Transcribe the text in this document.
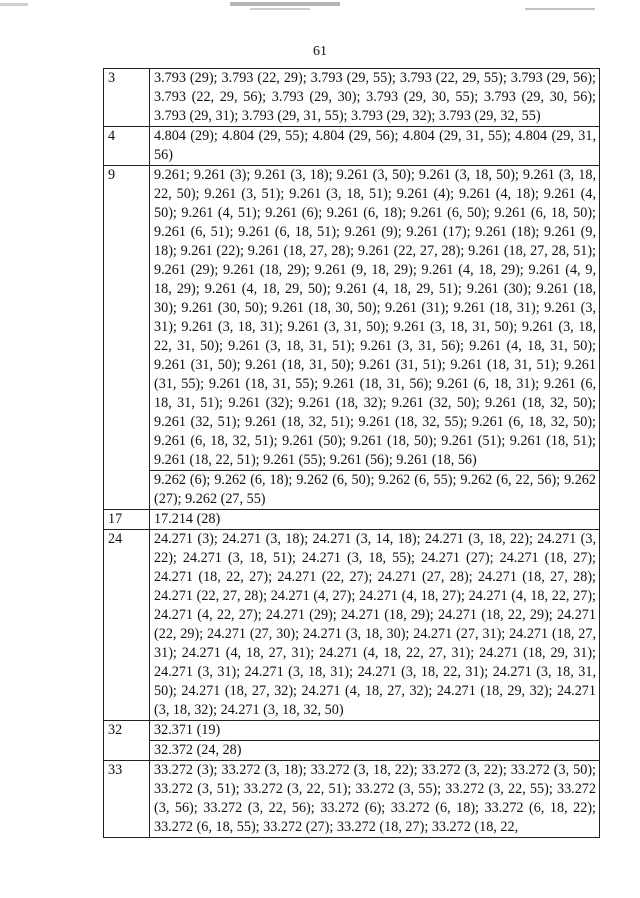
61
3	3.793 (29); 3.793 (22, 29); 3.793 (29, 55); 3.793 (22, 29, 55); 3.793 (29, 56); 3.793 (22, 29, 56); 3.793 (29, 30); 3.793 (29, 30, 55); 3.793 (29, 30, 56); 3.793 (29, 31); 3.793 (29, 31, 55); 3.793 (29, 32); 3.793 (29, 32, 55)
4	4.804 (29); 4.804 (29, 55); 4.804 (29, 56); 4.804 (29, 31, 55); 4.804 (29, 31, 56)
9	9.261; 9.261 (3); 9.261 (3, 18); 9.261 (3, 50); 9.261 (3, 18, 50); 9.261 (3, 18, 22, 50); 9.261 (3, 51); 9.261 (3, 18, 51); 9.261 (4); 9.261 (4, 18); 9.261 (4, 50); 9.261 (4, 51); 9.261 (6); 9.261 (6, 18); 9.261 (6, 50); 9.261 (6, 18, 50); 9.261 (6, 51); 9.261 (6, 18, 51); 9.261 (9); 9.261 (17); 9.261 (18); 9.261 (9, 18); 9.261 (22); 9.261 (18, 27, 28); 9.261 (22, 27, 28); 9.261 (18, 27, 28, 51); 9.261 (29); 9.261 (18, 29); 9.261 (9, 18, 29); 9.261 (4, 18, 29); 9.261 (4, 9, 18, 29); 9.261 (4, 18, 29, 50); 9.261 (4, 18, 29, 51); 9.261 (30); 9.261 (18, 30); 9.261 (30, 50); 9.261 (18, 30, 50); 9.261 (31); 9.261 (18, 31); 9.261 (3, 31); 9.261 (3, 18, 31); 9.261 (3, 31, 50); 9.261 (3, 18, 31, 50); 9.261 (3, 18, 22, 31, 50); 9.261 (3, 18, 31, 51); 9.261 (3, 31, 56); 9.261 (4, 18, 31, 50); 9.261 (31, 50); 9.261 (18, 31, 50); 9.261 (31, 51); 9.261 (18, 31, 51); 9.261 (31, 55); 9.261 (18, 31, 55); 9.261 (18, 31, 56); 9.261 (6, 18, 31); 9.261 (6, 18, 31, 51); 9.261 (32); 9.261 (18, 32); 9.261 (32, 50); 9.261 (18, 32, 50); 9.261 (32, 51); 9.261 (18, 32, 51); 9.261 (18, 32, 55); 9.261 (6, 18, 32, 50); 9.261 (6, 18, 32, 51); 9.261 (50); 9.261 (18, 50); 9.261 (51); 9.261 (18, 51); 9.261 (18, 22, 51); 9.261 (55); 9.261 (56); 9.261 (18, 56)
	9.262 (6); 9.262 (6, 18); 9.262 (6, 50); 9.262 (6, 55); 9.262 (6, 22, 56); 9.262 (27); 9.262 (27, 55)
17	17.214 (28)
24	24.271 (3); 24.271 (3, 18); 24.271 (3, 14, 18); 24.271 (3, 18, 22); 24.271 (3, 22); 24.271 (3, 18, 51); 24.271 (3, 18, 55); 24.271 (27); 24.271 (18, 27); 24.271 (18, 22, 27); 24.271 (22, 27); 24.271 (27, 28); 24.271 (18, 27, 28); 24.271 (22, 27, 28); 24.271 (4, 27); 24.271 (4, 18, 27); 24.271 (4, 18, 22, 27); 24.271 (4, 22, 27); 24.271 (29); 24.271 (18, 29); 24.271 (18, 22, 29); 24.271 (22, 29); 24.271 (27, 30); 24.271 (3, 18, 30); 24.271 (27, 31); 24.271 (18, 27, 31); 24.271 (4, 18, 27, 31); 24.271 (4, 18, 22, 27, 31); 24.271 (18, 29, 31); 24.271 (3, 31); 24.271 (3, 18, 31); 24.271 (3, 18, 22, 31); 24.271 (3, 18, 31, 50); 24.271 (18, 27, 32); 24.271 (4, 18, 27, 32); 24.271 (18, 29, 32); 24.271 (3, 18, 32); 24.271 (3, 18, 32, 50)
32	32.371 (19)
	32.372 (24, 28)
33	33.272 (3); 33.272 (3, 18); 33.272 (3, 18, 22); 33.272 (3, 22); 33.272 (3, 50); 33.272 (3, 51); 33.272 (3, 22, 51); 33.272 (3, 55); 33.272 (3, 22, 55); 33.272 (3, 56); 33.272 (3, 22, 56); 33.272 (6); 33.272 (6, 18); 33.272 (6, 18, 22); 33.272 (6, 18, 55); 33.272 (27); 33.272 (18, 27); 33.272 (18, 22,
